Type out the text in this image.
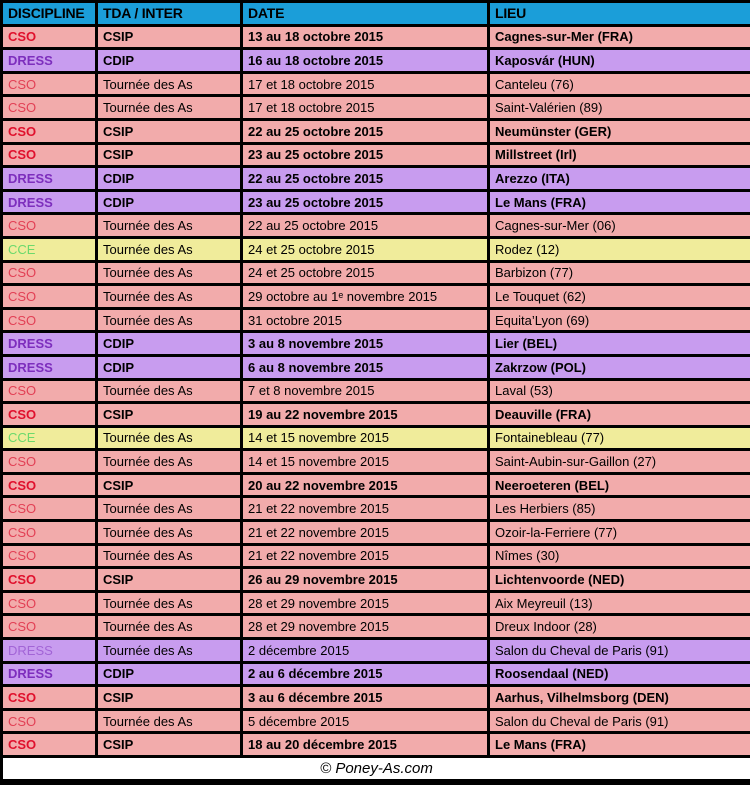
DISCIPLINE	TDA / INTER	DATE	LIEU
CSO	CSIP	13 au 18 octobre 2015	Cagnes-sur-Mer (FRA)
DRESS	CDIP	16 au 18 octobre 2015	Kaposvár (HUN)
CSO	Tournée des As	17 et 18 octobre 2015	Canteleu (76)
CSO	Tournée des As	17 et 18 octobre 2015	Saint-Valérien (89)
CSO	CSIP	22 au 25 octobre 2015	Neumünster (GER)
CSO	CSIP	23 au 25 octobre 2015	Millstreet (Irl)
DRESS	CDIP	22 au 25 octobre 2015	Arezzo (ITA)
DRESS	CDIP	23 au 25 octobre 2015	Le Mans (FRA)
CSO	Tournée des As	22 au 25 octobre 2015	Cagnes-sur-Mer (06)
CCE	Tournée des As	24 et 25 octobre 2015	Rodez (12)
CSO	Tournée des As	24 et 25 octobre 2015	Barbizon (77)
CSO	Tournée des As	29 octobre au 1ᵉ novembre 2015	Le Touquet (62)
CSO	Tournée des As	31 octobre 2015	Equita’Lyon (69)
DRESS	CDIP	3 au 8 novembre 2015	Lier (BEL)
DRESS	CDIP	6 au 8 novembre 2015	Zakrzow (POL)
CSO	Tournée des As	7 et 8 novembre 2015	Laval (53)
CSO	CSIP	19 au 22 novembre 2015	Deauville (FRA)
CCE	Tournée des As	14 et 15 novembre 2015	Fontainebleau (77)
CSO	Tournée des As	14 et 15 novembre 2015	Saint-Aubin-sur-Gaillon (27)
CSO	CSIP	20 au 22 novembre 2015	Neeroeteren (BEL)
CSO	Tournée des As	21 et 22 novembre 2015	Les Herbiers (85)
CSO	Tournée des As	21 et 22 novembre 2015	Ozoir-la-Ferriere (77)
CSO	Tournée des As	21 et 22 novembre 2015	Nîmes (30)
CSO	CSIP	26 au 29 novembre 2015	Lichtenvoorde (NED)
CSO	Tournée des As	28 et 29 novembre 2015	Aix Meyreuil (13)
CSO	Tournée des As	28 et 29 novembre 2015	Dreux Indoor (28)
DRESS	Tournée des As	2 décembre 2015	Salon du Cheval de Paris (91)
DRESS	CDIP	2 au 6 décembre 2015	Roosendaal (NED)
CSO	CSIP	3 au 6 décembre 2015	Aarhus, Vilhelmsborg (DEN)
CSO	Tournée des As	5 décembre 2015	Salon du Cheval de Paris (91)
CSO	CSIP	18 au 20 décembre 2015	Le Mans (FRA)
© Poney-As.com			
